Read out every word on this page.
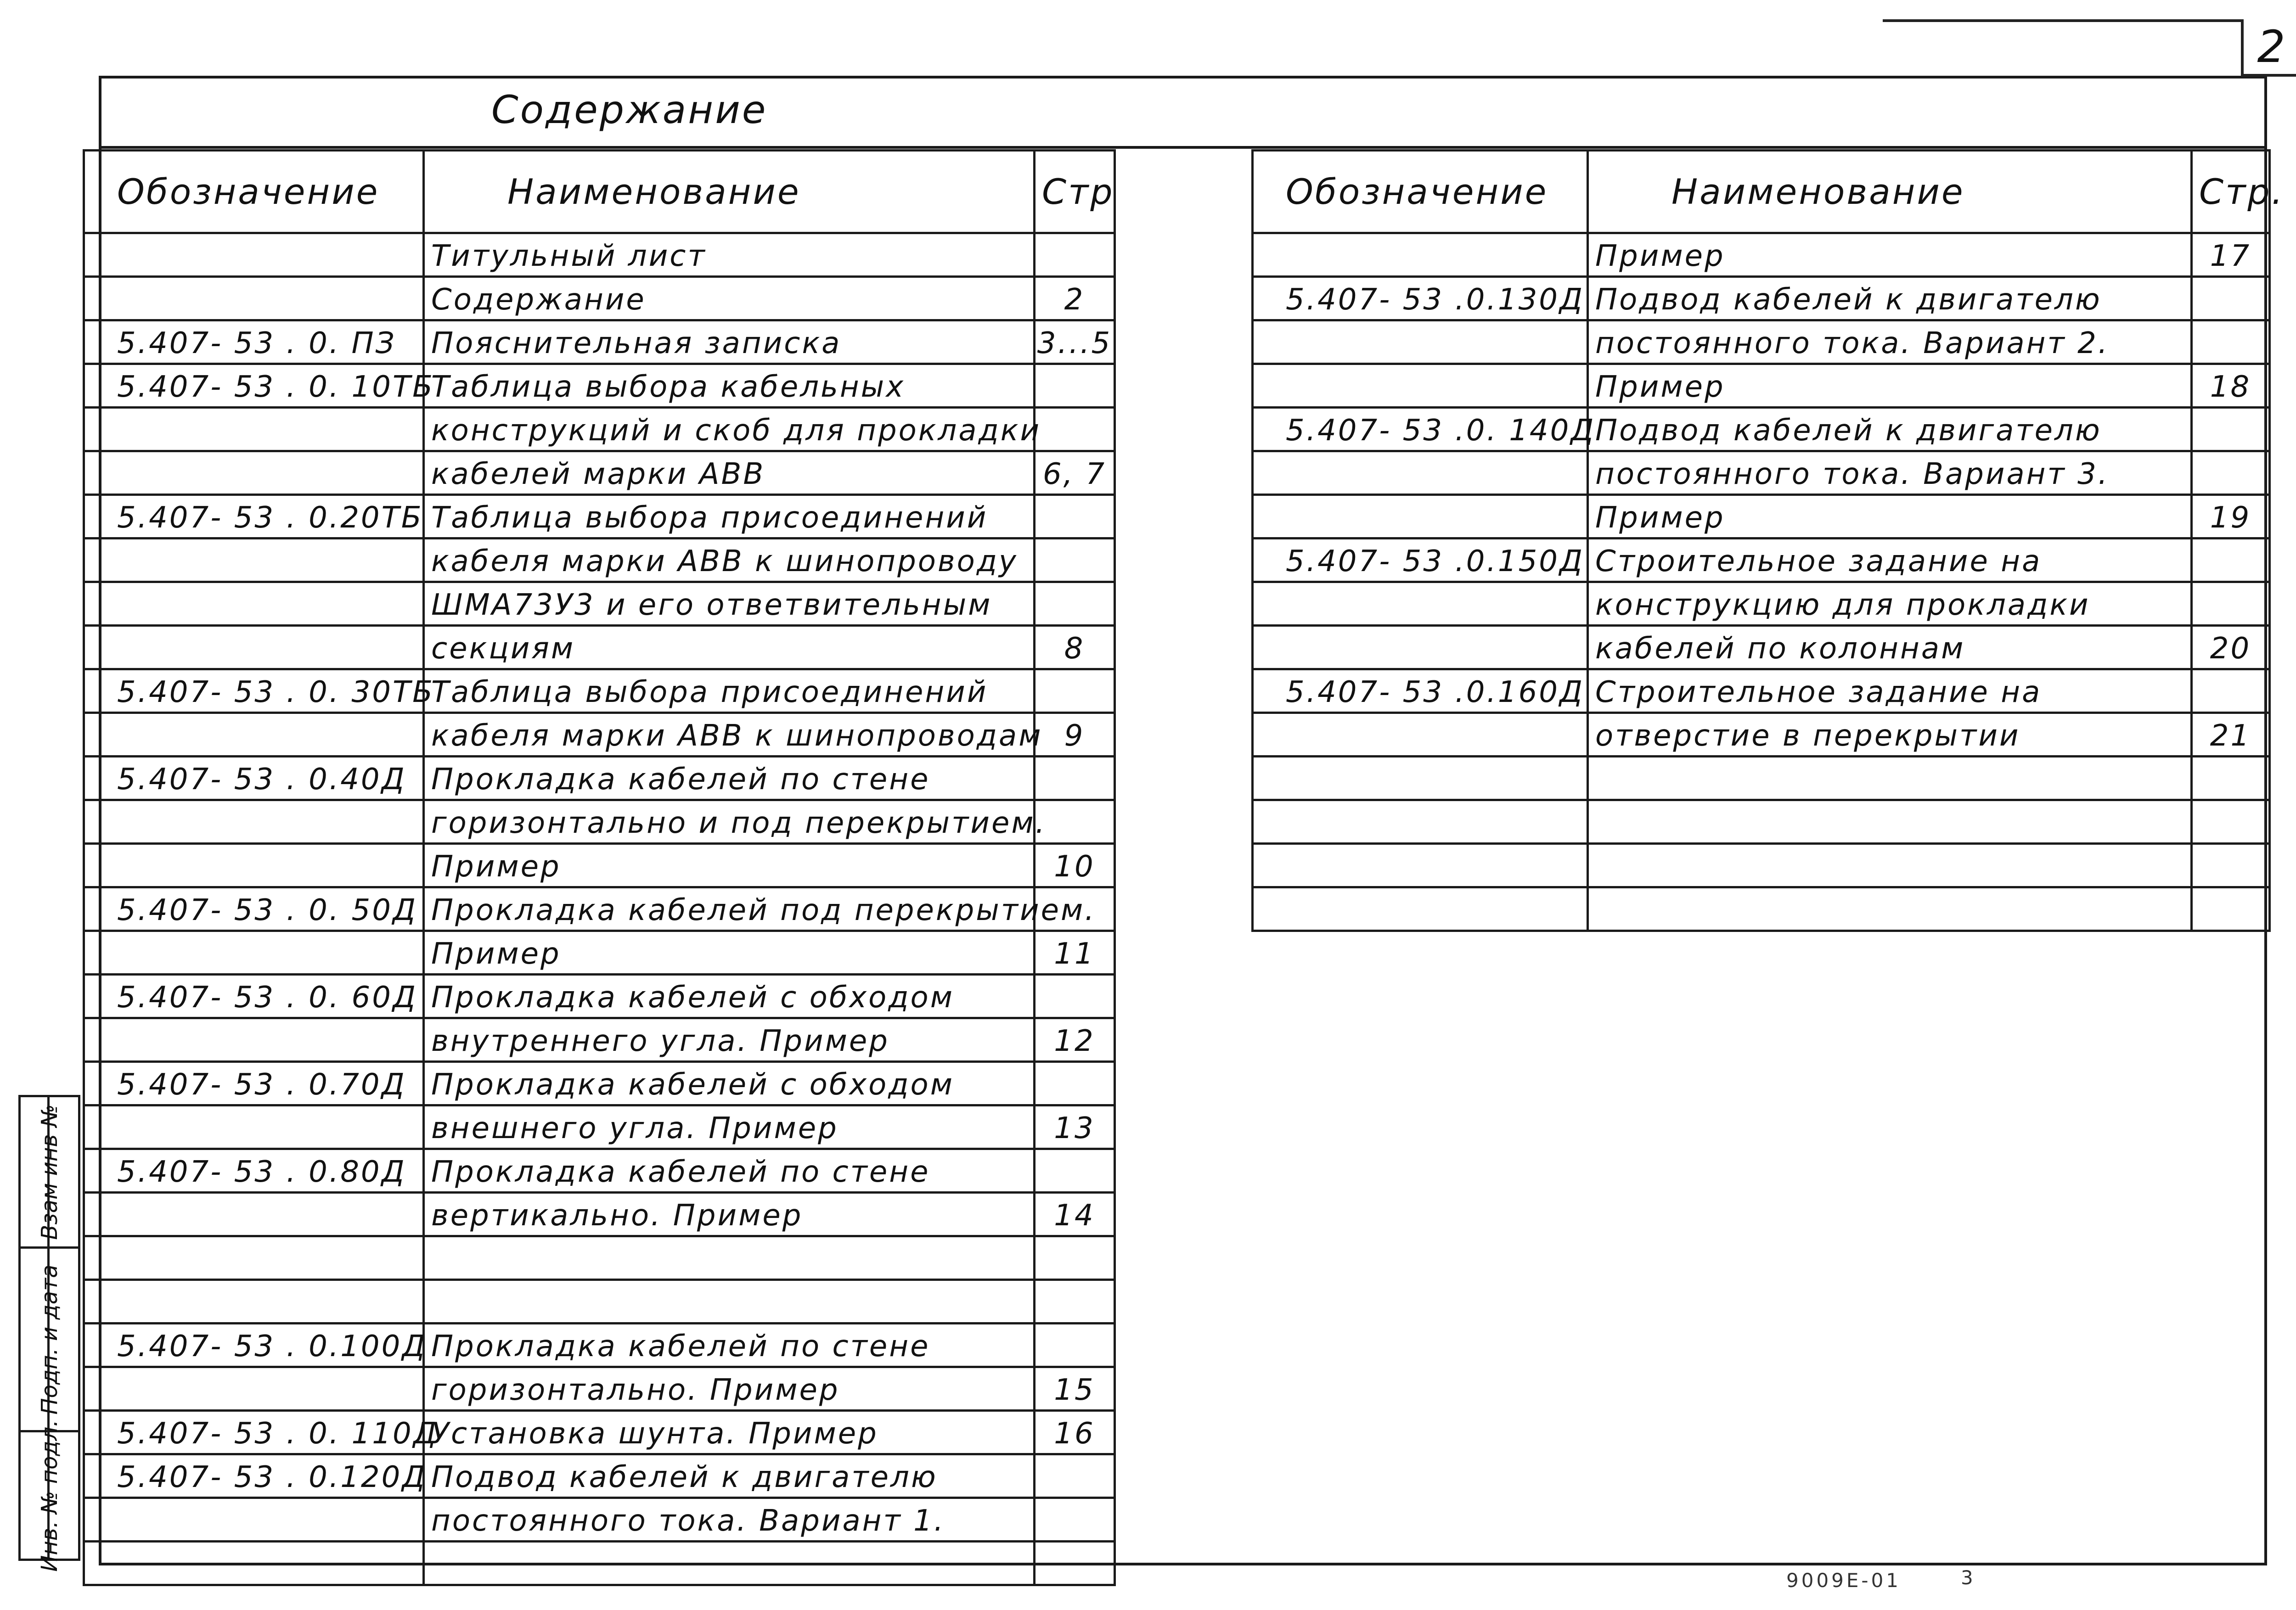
2
Содержание
Обозначение	Наименование	Стр
	Титульный лист	
	Содержание	2
5.407- 53 . 0. ПЗ	Пояснительная записка	3...5
5.407- 53 . 0. 10ТБ	Таблица выбора кабельных	
	конструкций и скоб для прокладки	
	кабелей марки АВВ	6, 7
5.407- 53 . 0.20ТБ	Таблица выбора присоединений	
	кабеля марки АВВ к шинопроводу	
	ШМА73У3 и его ответвительным	
	секциям	8
5.407- 53 . 0. 30ТБ	Таблица выбора присоединений	
	кабеля марки АВВ к шинопроводам	9
5.407- 53 . 0.40Д	Прокладка кабелей по стене	
	горизонтально и под перекрытием.	
	Пример	10
5.407- 53 . 0. 50Д	Прокладка кабелей под перекрытием.	
	Пример	11
5.407- 53 . 0. 60Д	Прокладка кабелей с обходом	
	внутреннего угла. Пример	12
5.407- 53 . 0.70Д	Прокладка кабелей с обходом	
	внешнего угла. Пример	13
5.407- 53 . 0.80Д	Прокладка кабелей по стене	
	вертикально. Пример	14

5.407- 53 . 0.100Д	Прокладка кабелей по стене	
	горизонтально. Пример	15
5.407- 53 . 0. 110Д	Установка шунта. Пример	16
5.407- 53 . 0.120Д	Подвод кабелей к двигателю	
	постоянного тока. Вариант 1.	

Обозначение	Наименование	Стр.
	Пример	17
5.407- 53 .0.130Д	Подвод кабелей к двигателю	
	постоянного тока. Вариант 2.	
	Пример	18
5.407- 53 .0. 140Д	Подвод кабелей к двигателю	
	постоянного тока. Вариант 3.	
	Пример	19
5.407- 53 .0.150Д	Строительное задание на	
	конструкцию для прокладки	
	кабелей по колоннам	20
5.407- 53 .0.160Д	Строительное задание на	
	отверстие в перекрытии	21

Взам инв №
Подп. и дата
Инв. № подл.
9009Е-01	3
